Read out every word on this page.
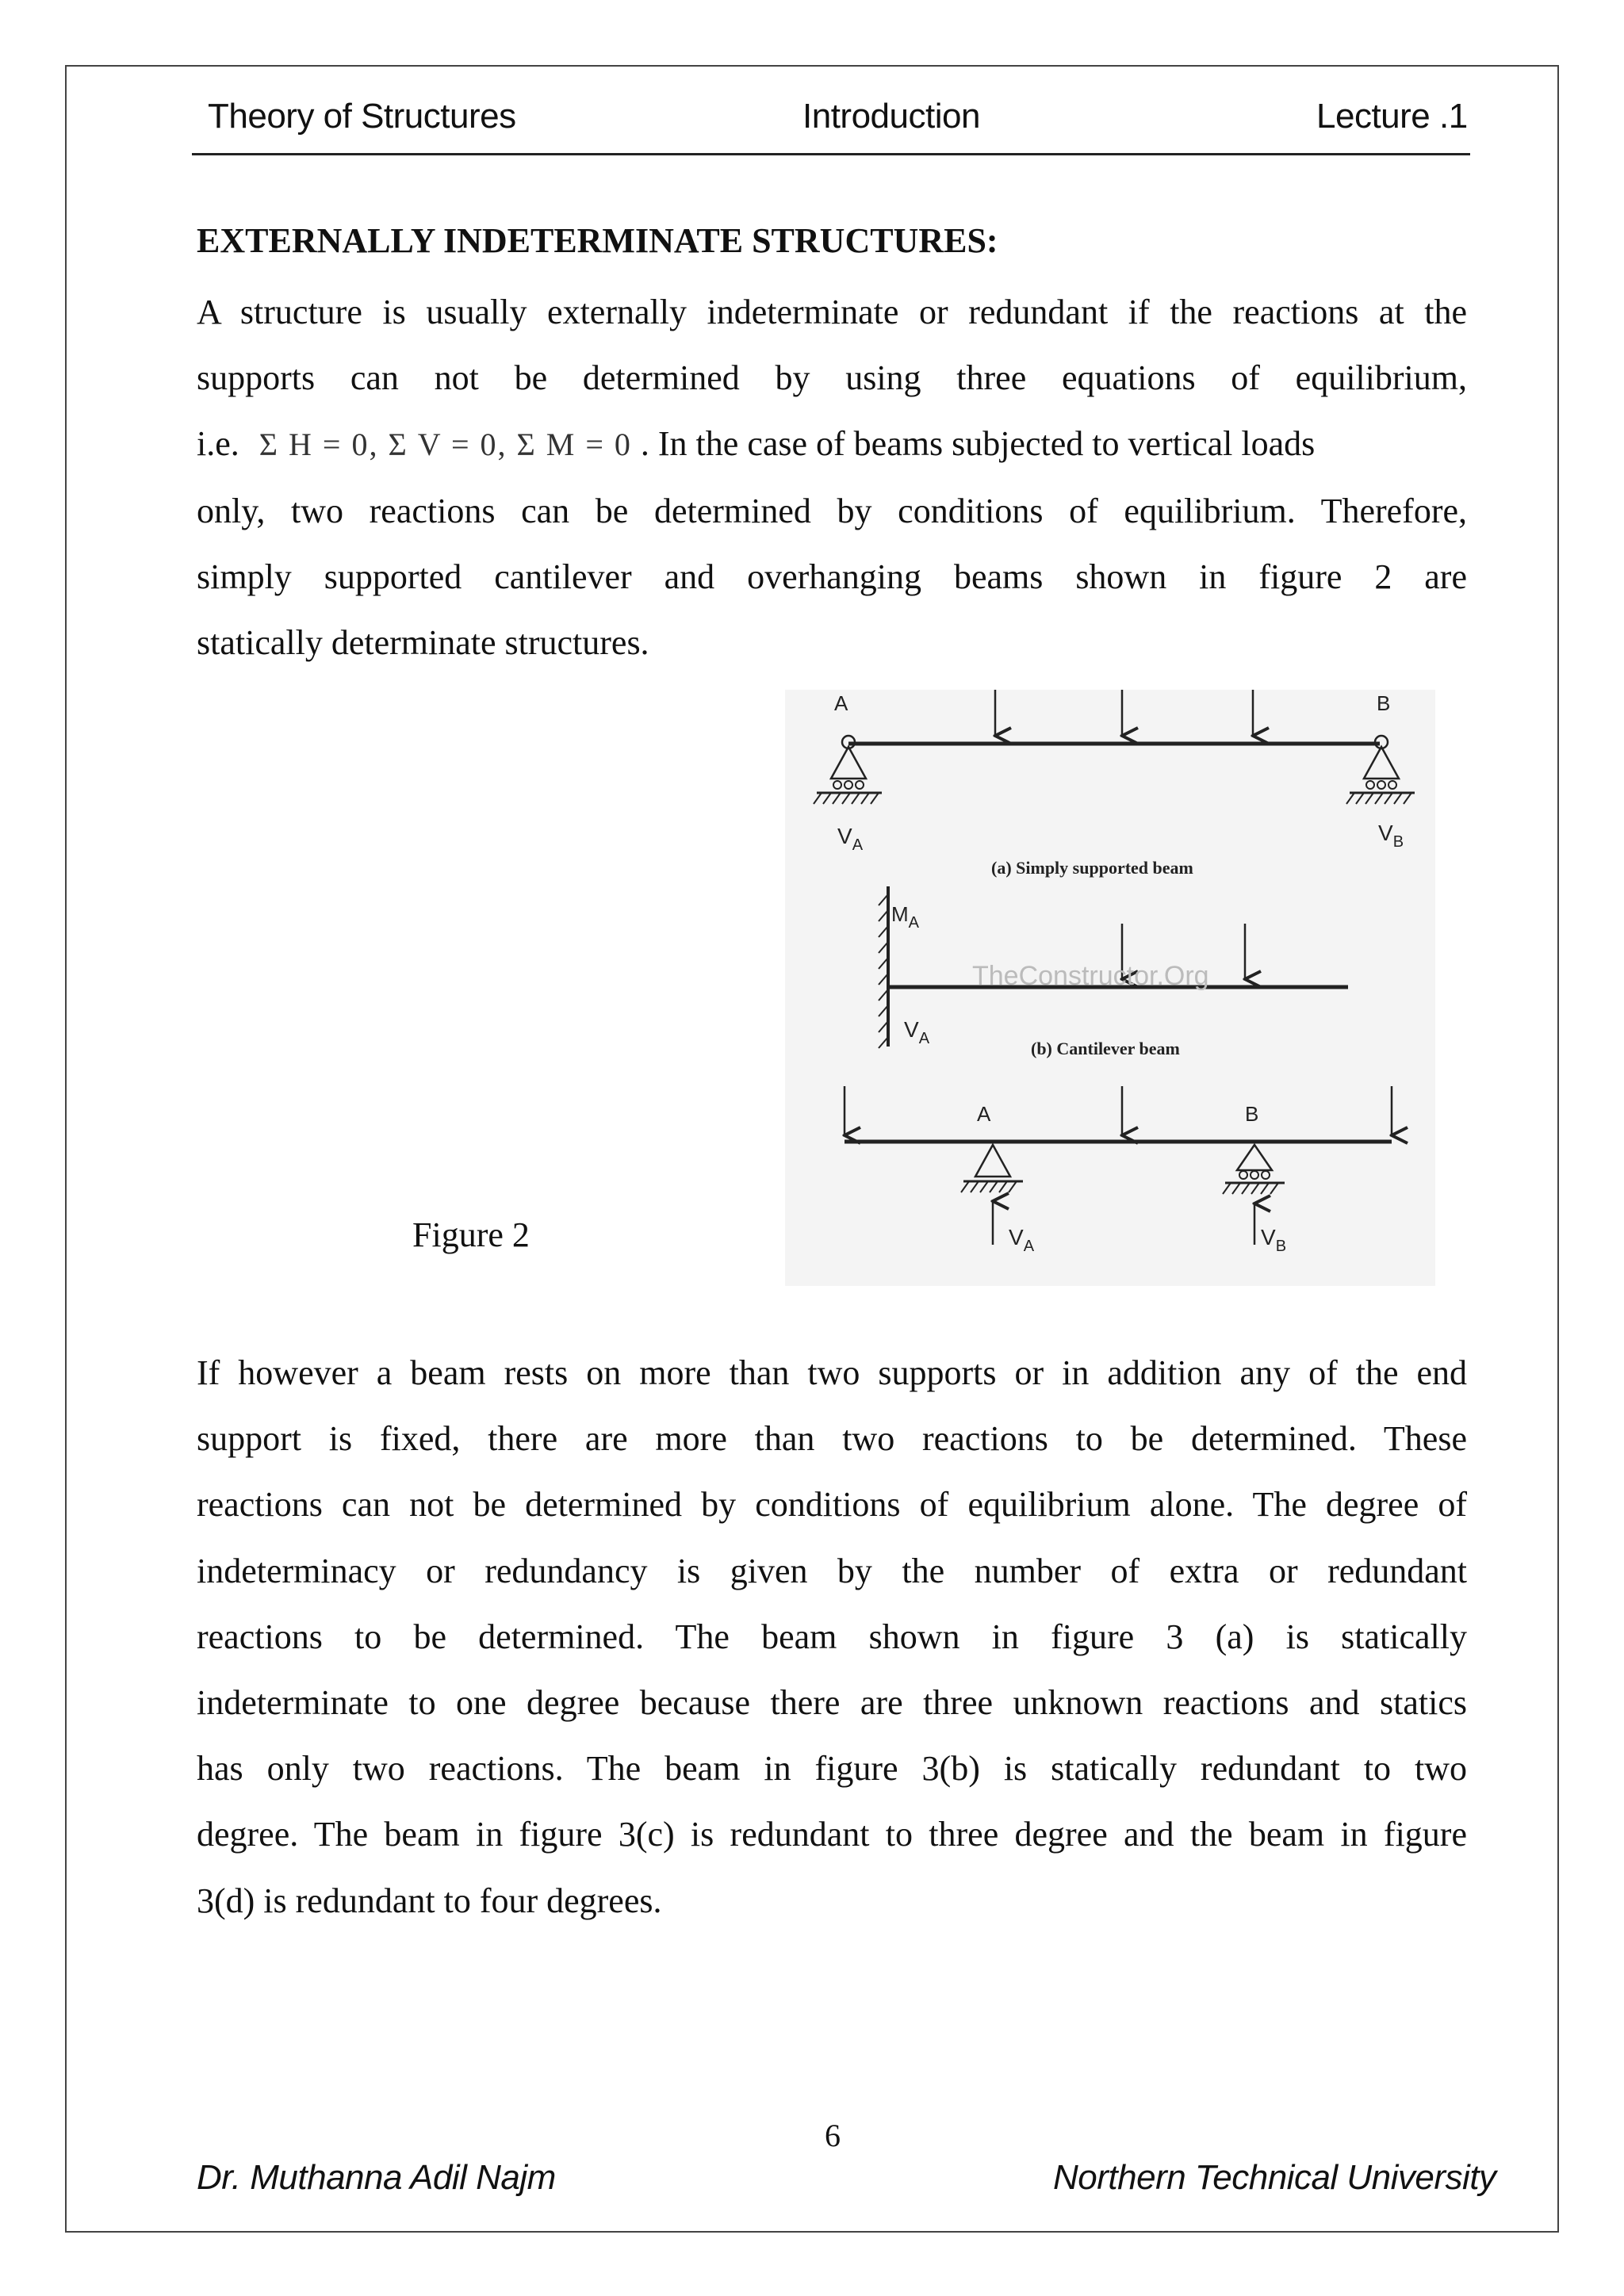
Theory of Structures	Introduction	Lecture .1
EXTERNALLY INDETERMINATE STRUCTURES:
A structure is usually externally indeterminate or redundant if the reactions at the
supports can not be determined by using three equations of equilibrium,
i.e. Σ H = 0, Σ V = 0, Σ M = 0 . In the case of beams subjected to vertical loads
only, two reactions can be determined by conditions of equilibrium. Therefore,
simply supported cantilever and overhanging beams shown in figure 2 are
statically determinate structures.
Figure 2
A	B
$V_A$	$V_B$
(a) Simply supported beam
$M_A$
TheConstructor.Org
$V_A$	(b) Cantilever beam
A	B
$V_A$	$V_B$
If however a beam rests on more than two supports or in addition any of the end
support is fixed, there are more than two reactions to be determined. These
reactions can not be determined by conditions of equilibrium alone. The degree of
indeterminacy or redundancy is given by the number of extra or redundant
reactions to be determined. The beam shown in figure 3 (a) is statically
indeterminate to one degree because there are three unknown reactions and statics
has only two reactions. The beam in figure 3(b) is statically redundant to two
degree. The beam in figure 3(c) is redundant to three degree and the beam in figure
3(d) is redundant to four degrees.
6
Dr. Muthanna Adil Najm	Northern Technical University
